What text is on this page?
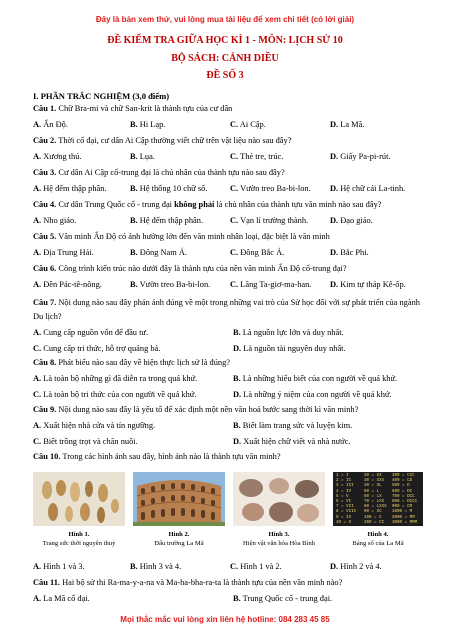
Đây là bản xem thử, vui lòng mua tài liệu để xem chi tiết (có lời giải)
ĐỀ KIỂM TRA GIỮA HỌC KÌ 1 - MÔN: LỊCH SỬ 10
BỘ SÁCH: CÁNH DIỀU
ĐỀ SỐ 3
I. PHẦN TRẮC NGHIỆM (3,0 điểm)
Câu 1. Chữ Bra-mi và chữ San-krit là thành tựu của cư dân
A. Ấn Độ.	B. Hi Lạp.	C. Ai Cập.	D. La Mã.
Câu 2. Thời cổ đại, cư dân Ai Cập thường viết chữ trên vật liệu nào sau đây?
A. Xương thú.	B. Lụa.	C. Thẻ tre, trúc.	D. Giấy Pa-pi-rút.
Câu 3. Cư dân Ai Cập cổ-trung đại là chủ nhân của thành tựu nào sau đây?
A. Hệ đếm thập phân.	B. Hệ thống 10 chữ số.	C. Vườn treo Ba-bi-lon. D. Hệ chữ cái La-tinh.
Câu 4. Cư dân Trung Quốc cổ - trung đại không phải là chủ nhân của thành tựu văn minh nào sau đây?
A. Nho giáo.	B. Hệ đếm thập phân.	C. Vạn lí trường thành.	D. Đạo giáo.
Câu 5. Văn minh Ấn Độ có ảnh hưởng lớn đến văn minh nhân loại, đặc biệt là văn minh
A. Địa Trung Hải.	B. Đông Nam Á.	C. Đông Bắc Á.	D. Bắc Phi.
Câu 6. Công trình kiến trúc nào dưới đây là thành tựu của nền văn minh Ấn Độ cổ-trung đại?
A. Đền Pác-tê-nông.	B. Vườn treo Ba-bi-lon. C. Lăng Ta-giơ-ma-han. D. Kim tự tháp Kê-ốp.
Câu 7. Nội dung nào sau đây phản ánh đúng về một trong những vai trò của Sử học đối với sự phát triển của ngành Du lịch?
A. Cung cấp nguồn vốn để đầu tư.	B. Là nguồn lực lớn và duy nhất.
C. Cung cấp tri thức, hỗ trợ quảng bá.	D. Là nguồn tài nguyên duy nhất.
Câu 8. Phát biểu nào sau đây về hiện thực lịch sử là đúng?
A. Là toàn bộ những gì đã diễn ra trong quá khứ.	B. Là những hiểu biết của con người về quá khứ.
C. Là toàn bộ tri thức của con người về quá khứ.	D. Là những ý niệm của con người về quá khứ.
Câu 9. Nội dung nào sau đây là yếu tố để xác định một nền văn hoá bước sang thời kì văn minh?
A. Xuất hiện nhà cửa và tín ngưỡng.	B. Biết làm trang sức và luyện kim.
C. Biết trồng trọt và chăn nuôi.	D. Xuất hiện chữ viết và nhà nước.
Câu 10. Trong các hình ảnh sau đây, hình ảnh nào là thành tựu văn minh?
A. Hình 1 và 3.	B. Hình 3 và 4.	C. Hình 1 và 2.	D. Hình 2 và 4.
Câu 11. Hai bộ sử thi Ra-ma-y-a-na và Ma-ha-bha-ra-ta là thành tựu của nền văn minh nào?
A. La Mã cổ đại.	B. Trung Quốc cổ - trung đại.
1 = I	20 = XX	300 = CCC
2 = II	30 = XXX	400 = CD
3 = III	40 = XL	500 = D
4 = IV	50 = L	600 = DC
5 = V	60 = LX	700 = DCC
6 = VI	70 = LXX	800 = DCCC
7 = VII	80 = LXXX	900 = CM
8 = VIII	90 = XC	1000 = M
9 = IX	100 = C	2000 = MM
10 = X	200 = CC	3000 = MMM
Hình 1.
Trang sức thời nguyên thuỷ
Hình 2.
Đấu trường La Mã
Hình 3.
Hiện vật văn hóa Hòa Bình
Hình 4.
Bảng số của La Mã
Mọi thắc mắc vui lòng xin liên hệ hotline: 084 283 45 85
